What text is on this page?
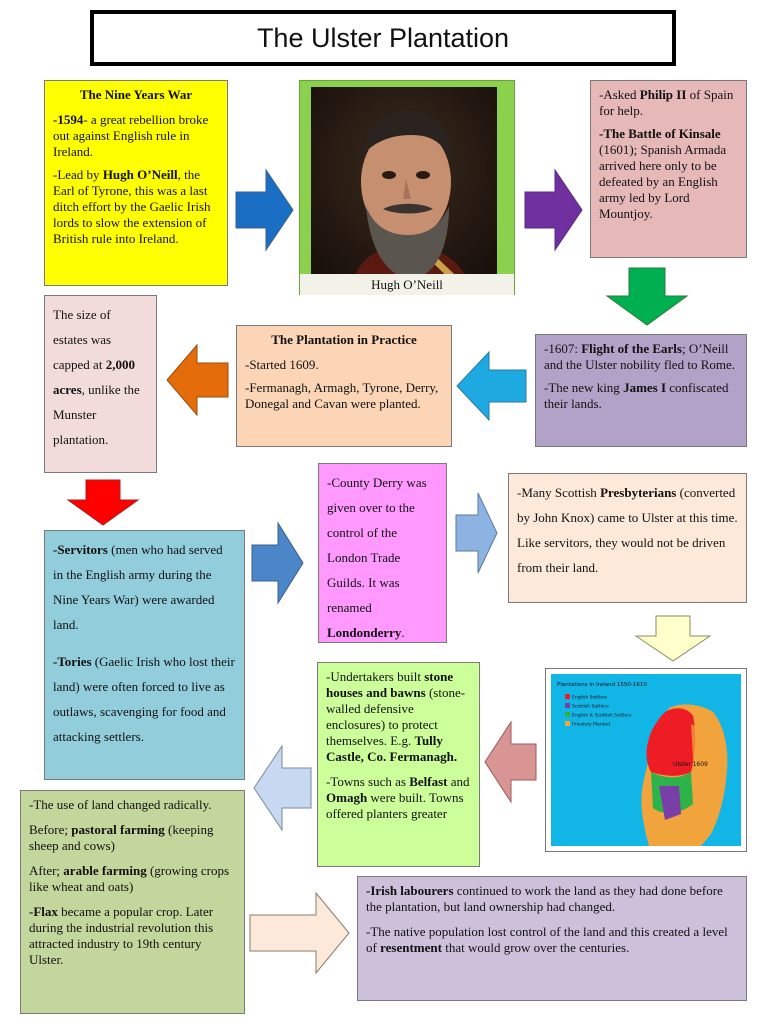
The Ulster Plantation
The Nine Years War

-1594- a great rebellion broke out against English rule in Ireland.

-Lead by Hugh O’Neill, the Earl of Tyrone, this was a last ditch effort by the Gaelic Irish lords to slow the extension of British rule into Ireland.

Hugh O’Neill

-Asked Philip II of Spain for help.

-The Battle of Kinsale (1601); Spanish Armada arrived here only to be defeated by an English army led by Lord Mountjoy.

The size of estates was capped at 2,000 acres, unlike the Munster plantation.
The Plantation in Practice

-Started 1609.

-Fermanagh, Armagh, Tyrone, Derry, Donegal and Cavan were planted.

-1607: Flight of the Earls; O’Neill and the Ulster nobility fled to Rome.

-The new king James I confiscated their lands.

-County Derry was given over to the control of the London Trade Guilds. It was renamed Londonderry.
-Many Scottish Presbyterians (converted by John Knox) came to Ulster at this time. Like servitors, they would not be driven from their land.

-Servitors (men who had served in the English army during the Nine Years War) were awarded land.

-Tories (Gaelic Irish who lost their land) were often forced to live as outlaws, scavenging for food and attacking settlers.

Plantations in Ireland 1550-1610
English Settlers
Scottish Settlers
English & Scottish Settlers
Privately Planted
Ulster 1609

-Undertakers built stone houses and bawns (stone-walled defensive enclosures) to protect themselves. E.g. Tully Castle, Co. Fermanagh.

-Towns such as Belfast and Omagh were built. Towns offered planters greater

-The use of land changed radically.

Before; pastoral farming (keeping sheep and cows)

After; arable farming (growing crops like wheat and oats)

-Flax became a popular crop. Later during the industrial revolution this attracted industry to 19th century Ulster.

-Irish labourers continued to work the land as they had done before the plantation, but land ownership had changed.

-The native population lost control of the land and this created a level of resentment that would grow over the centuries.
